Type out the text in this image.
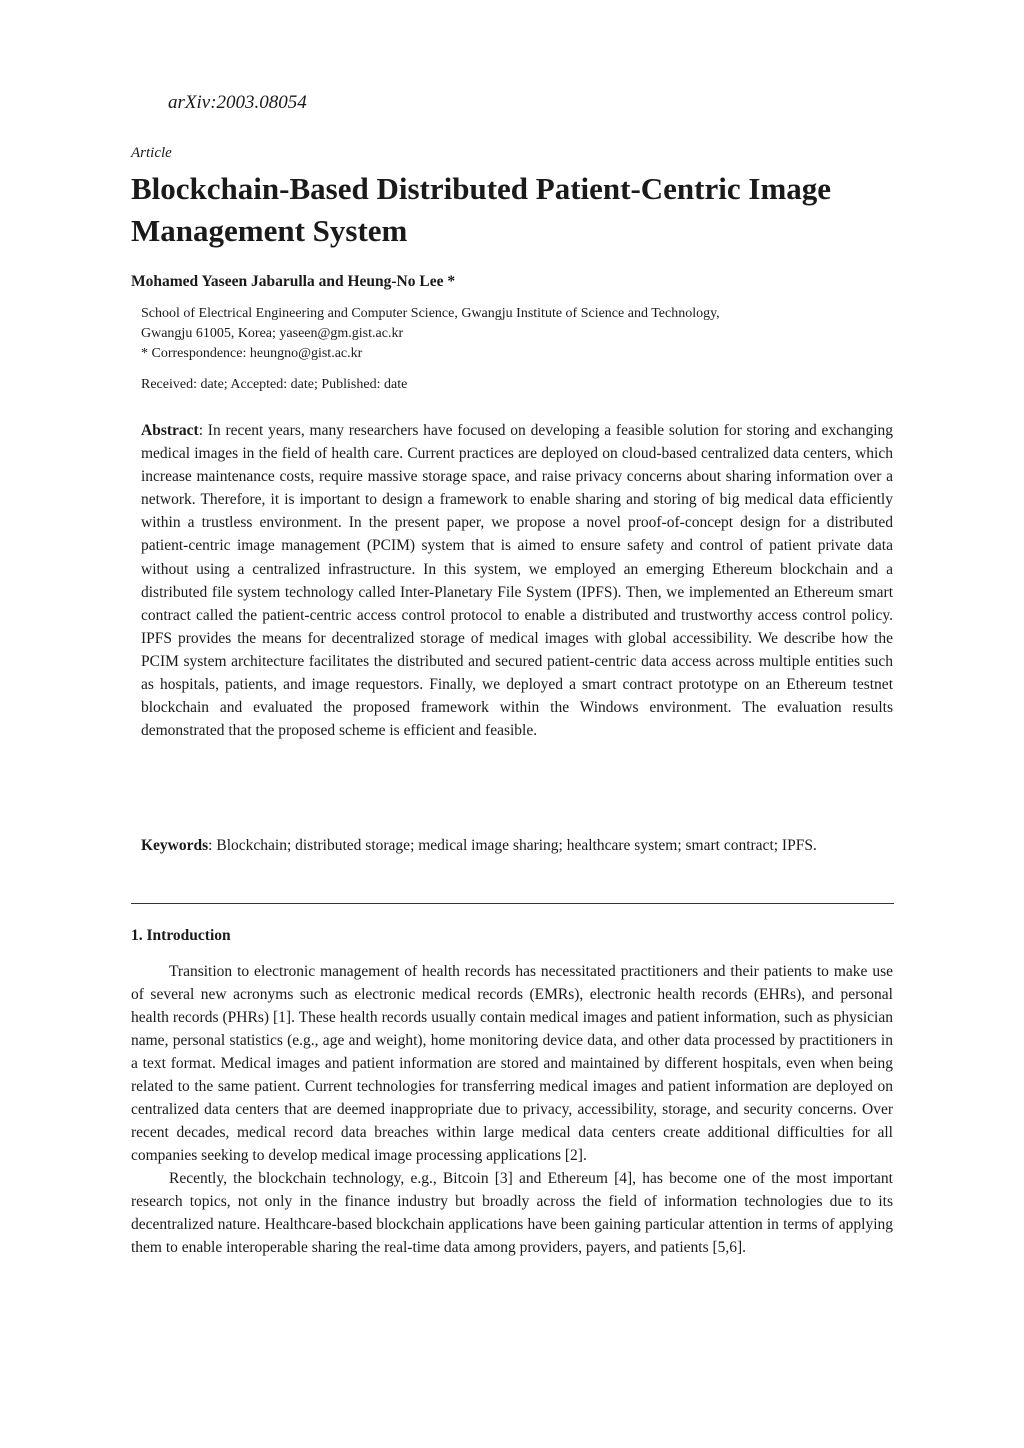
arXiv:2003.08054
Article
Blockchain-Based Distributed Patient-Centric Image Management System
Mohamed Yaseen Jabarulla and Heung-No Lee *
School of Electrical Engineering and Computer Science, Gwangju Institute of Science and Technology,
Gwangju 61005, Korea; yaseen@gm.gist.ac.kr
* Correspondence: heungno@gist.ac.kr
Received: date; Accepted: date; Published: date

Abstract: In recent years, many researchers have focused on developing a feasible solution for storing and exchanging medical images in the field of health care. Current practices are deployed on cloud-based centralized data centers, which increase maintenance costs, require massive storage space, and raise privacy concerns about sharing information over a network. Therefore, it is important to design a framework to enable sharing and storing of big medical data efficiently within a trustless environment. In the present paper, we propose a novel proof-of-concept design for a distributed patient-centric image management (PCIM) system that is aimed to ensure safety and control of patient private data without using a centralized infrastructure. In this system, we employed an emerging Ethereum blockchain and a distributed file system technology called Inter-Planetary File System (IPFS). Then, we implemented an Ethereum smart contract called the patient-centric access control protocol to enable a distributed and trustworthy access control policy. IPFS provides the means for decentralized storage of medical images with global accessibility. We describe how the PCIM system architecture facilitates the distributed and secured patient-centric data access across multiple entities such as hospitals, patients, and image requestors. Finally, we deployed a smart contract prototype on an Ethereum testnet blockchain and evaluated the proposed framework within the Windows environment. The evaluation results demonstrated that the proposed scheme is efficient and feasible.

Keywords: Blockchain; distributed storage; medical image sharing; healthcare system; smart contract; IPFS.

1. Introduction

Transition to electronic management of health records has necessitated practitioners and their patients to make use of several new acronyms such as electronic medical records (EMRs), electronic health records (EHRs), and personal health records (PHRs) [1]. These health records usually contain medical images and patient information, such as physician name, personal statistics (e.g., age and weight), home monitoring device data, and other data processed by practitioners in a text format. Medical images and patient information are stored and maintained by different hospitals, even when being related to the same patient. Current technologies for transferring medical images and patient information are deployed on centralized data centers that are deemed inappropriate due to privacy, accessibility, storage, and security concerns. Over recent decades, medical record data breaches within large medical data centers create additional difficulties for all companies seeking to develop medical image processing applications [2].

Recently, the blockchain technology, e.g., Bitcoin [3] and Ethereum [4], has become one of the most important research topics, not only in the finance industry but broadly across the field of information technologies due to its decentralized nature. Healthcare-based blockchain applications have been gaining particular attention in terms of applying them to enable interoperable sharing the real-time data among providers, payers, and patients [5,6].
